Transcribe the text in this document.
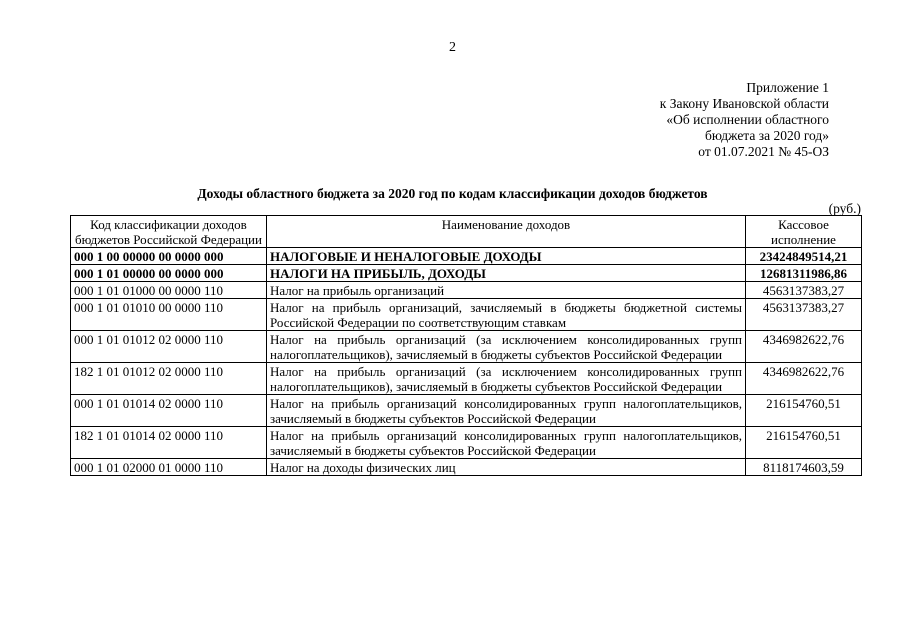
2
Приложение 1
к Закону Ивановской области
«Об исполнении областного
бюджета за 2020 год»
от 01.07.2021 № 45-ОЗ
Доходы областного бюджета за 2020 год по кодам классификации доходов бюджетов
(руб.)
Код классификации доходов бюджетов Российской Федерации	Наименование доходов	Кассовое исполнение
000 1 00 00000 00 0000 000	НАЛОГОВЫЕ И НЕНАЛОГОВЫЕ ДОХОДЫ	23424849514,21
000 1 01 00000 00 0000 000	НАЛОГИ НА ПРИБЫЛЬ, ДОХОДЫ	12681311986,86
000 1 01 01000 00 0000 110	Налог на прибыль организаций	4563137383,27
000 1 01 01010 00 0000 110	Налог на прибыль организаций, зачисляемый в бюджеты бюджетной системы Российской Федерации по соответствующим ставкам	4563137383,27
000 1 01 01012 02 0000 110	Налог на прибыль организаций (за исключением консолидированных групп налогоплательщиков), зачисляемый в бюджеты субъектов Российской Федерации	4346982622,76
182 1 01 01012 02 0000 110	Налог на прибыль организаций (за исключением консолидированных групп налогоплательщиков), зачисляемый в бюджеты субъектов Российской Федерации	4346982622,76
000 1 01 01014 02 0000 110	Налог на прибыль организаций консолидированных групп налогоплательщиков, зачисляемый в бюджеты субъектов Российской Федерации	216154760,51
182 1 01 01014 02 0000 110	Налог на прибыль организаций консолидированных групп налогоплательщиков, зачисляемый в бюджеты субъектов Российской Федерации	216154760,51
000 1 01 02000 01 0000 110	Налог на доходы физических лиц	8118174603,59
